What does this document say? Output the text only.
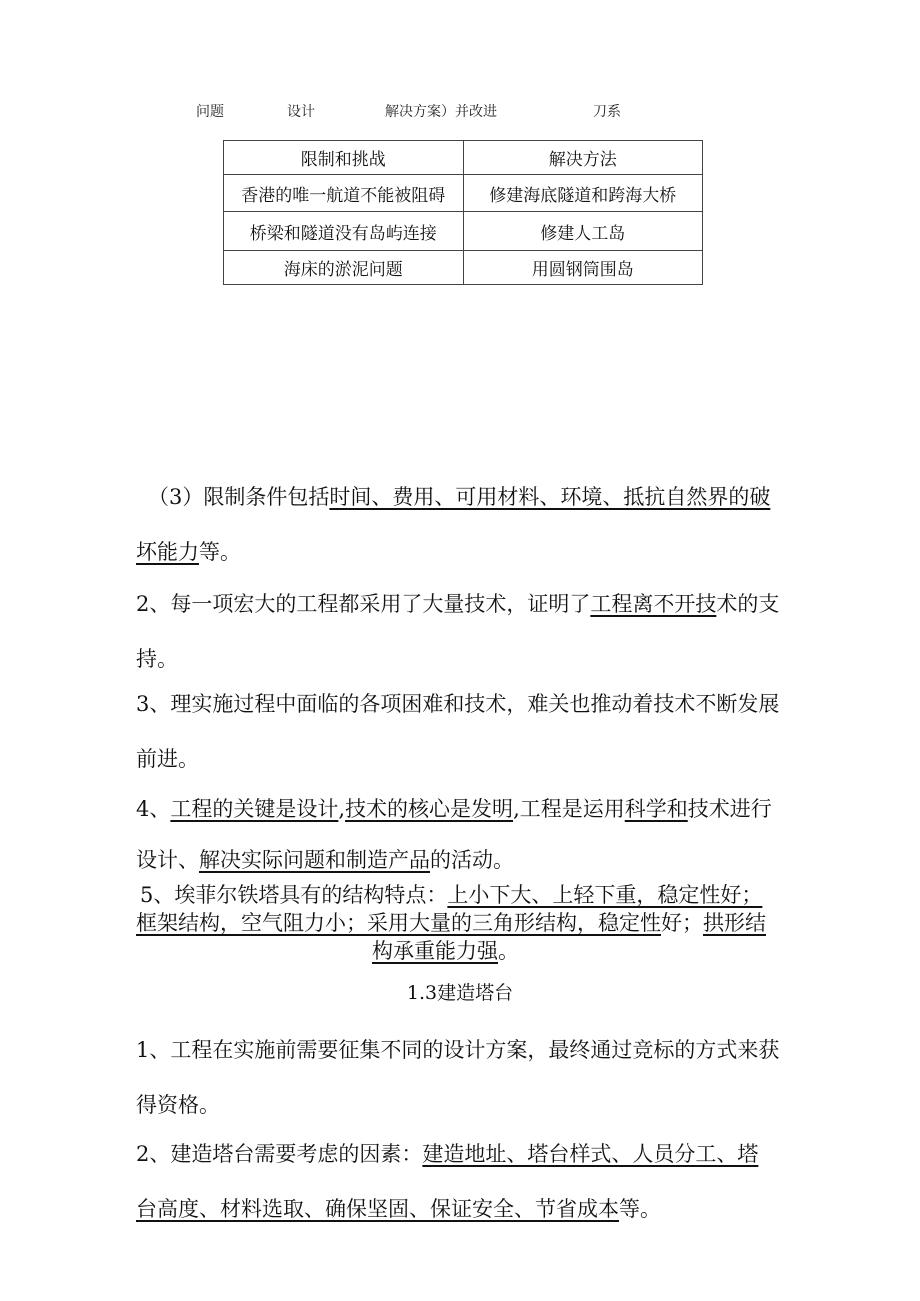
问题	设计	解决方案）并改进	刀系
限制和挑战	解决方法
香港的唯一航道不能被阻碍	修建海底隧道和跨海大桥
桥梁和隧道没有岛屿连接	修建人工岛
海床的淤泥问题	用圆钢筒围岛
（3）限制条件包括时间、费用、可用材料、环境、抵抗自然界的破
坏能力等。
2、每一项宏大的工程都采用了大量技术，证明了工程离不开技术的支
持。
3、理实施过程中面临的各项困难和技术，难关也推动着技术不断发展
前进。
4、工程的关键是设计,技术的核心是发明,工程是运用科学和技术进行
设计、解决实际问题和制造产品的活动。
5、埃菲尔铁塔具有的结构特点：上小下大、上轻下重，稳定性好；
框架结构，空气阻力小；采用大量的三角形结构，稳定性好；拱形结
构承重能力强。
1.3建造塔台
1、工程在实施前需要征集不同的设计方案，最终通过竞标的方式来获
得资格。
2、建造塔台需要考虑的因素：建造地址、塔台样式、人员分工、塔
台高度、材料选取、确保坚固、保证安全、节省成本等。
